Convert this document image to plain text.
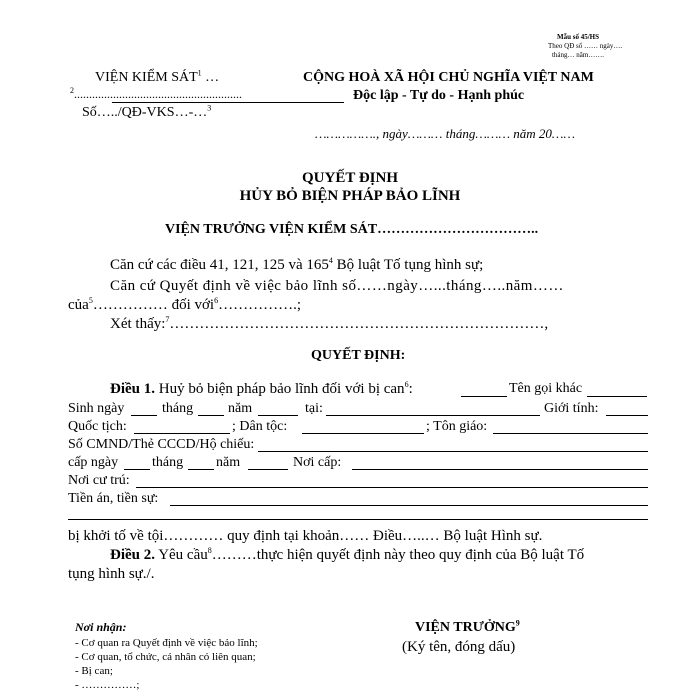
Mẫu số 45/HS
Theo QĐ số …… ngày….
tháng… năm…….
VIỆN KIỂM SÁT$^1$ …
$^2$........................................................
Số…../QĐ-VKS…-…$^3$
CỘNG HOÀ XÃ HỘI CHỦ NGHĨA VIỆT NAM
Độc lập - Tự do - Hạnh phúc
……………., ngày……… tháng……… năm 20……
QUYẾT ĐỊNH
HỦY BỎ BIỆN PHÁP BẢO LĨNH
VIỆN TRƯỞNG VIỆN KIỂM SÁT……………………………..
Căn cứ các điều 41, 121, 125 và $165^4$ Bộ luật Tố tụng hình sự;
Căn cứ Quyết định về việc bảo lĩnh số……ngày…...tháng…..năm……
của$^5$…………… đối với$^6$…………….;
Xét thấy:$^7$…………………………………………………………………,
QUYẾT ĐỊNH:
Điều 1. Huỷ bỏ biện pháp bảo lĩnh đối với bị can$^6$:	Tên gọi khác
Sinh ngày	tháng năm	tại:	Giới tính:
Quốc tịch:	; Dân tộc:	; Tôn giáo:
Số CMND/Thẻ CCCD/Hộ chiếu:
cấp ngày tháng năm	Nơi cấp:
Nơi cư trú:
Tiền án, tiền sự:
bị khởi tố về tội………… quy định tại khoản…… Điều…..… Bộ luật Hình sự.
Điều 2. Yêu cầu$^8$………thực hiện quyết định này theo quy định của Bộ luật Tố
tụng hình sự./.
Nơi nhận:
- Cơ quan ra Quyết định về việc bảo lĩnh;
- Cơ quan, tổ chức, cá nhân có liên quan;
- Bị can;
- ……………;
VIỆN TRƯỞNG$^9$
(Ký tên, đóng dấu)
